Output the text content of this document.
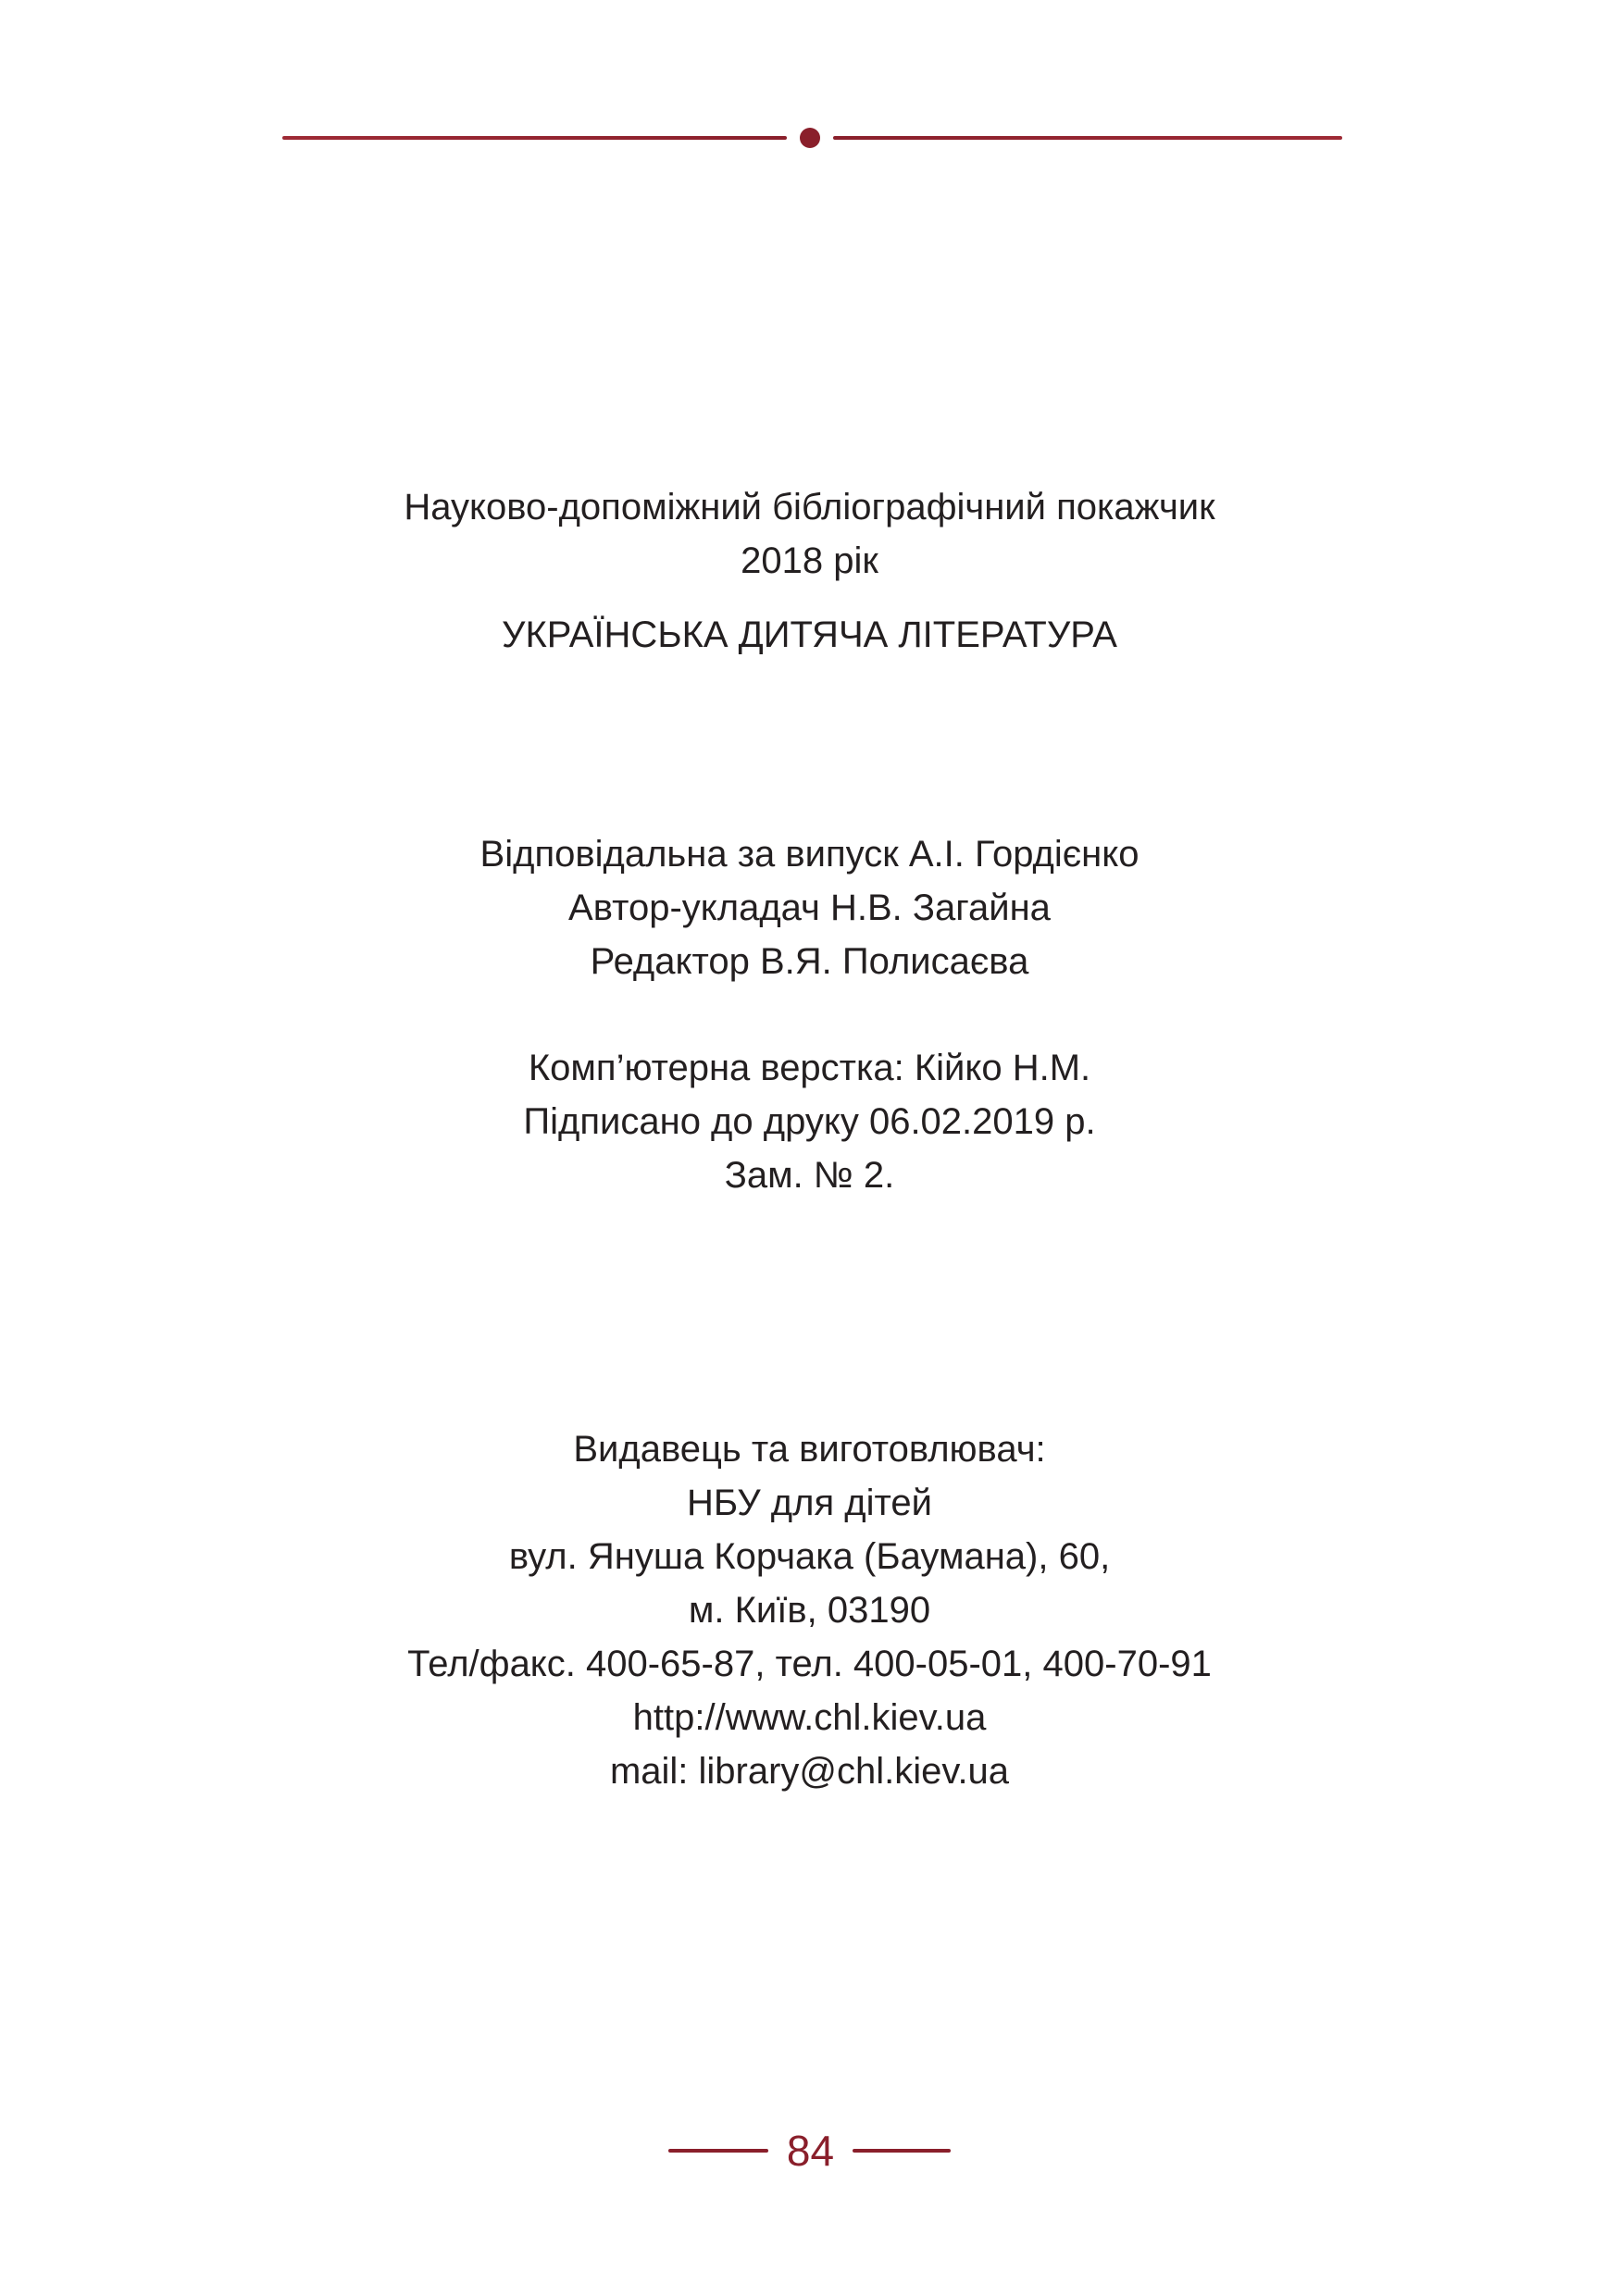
Науково-допоміжний бібліографічний покажчик

2018 рік

УКРАЇНСЬКА ДИТЯЧА ЛІТЕРАТУРА

Відповідальна за випуск А.І. Гордієнко

Автор-укладач Н.В. Загайна

Редактор В.Я. Полисаєва

Комп’ютерна верстка: Кійко Н.М.

Підписано до друку 06.02.2019 р.

Зам. № 2.

Видавець та виготовлювач:

НБУ для дітей

вул. Януша Корчака (Баумана), 60,

м. Київ, 03190

Тел/факс. 400-65-87, тел. 400-05-01, 400-70-91

http://www.chl.kiev.ua

mail: library@chl.kiev.ua

84
